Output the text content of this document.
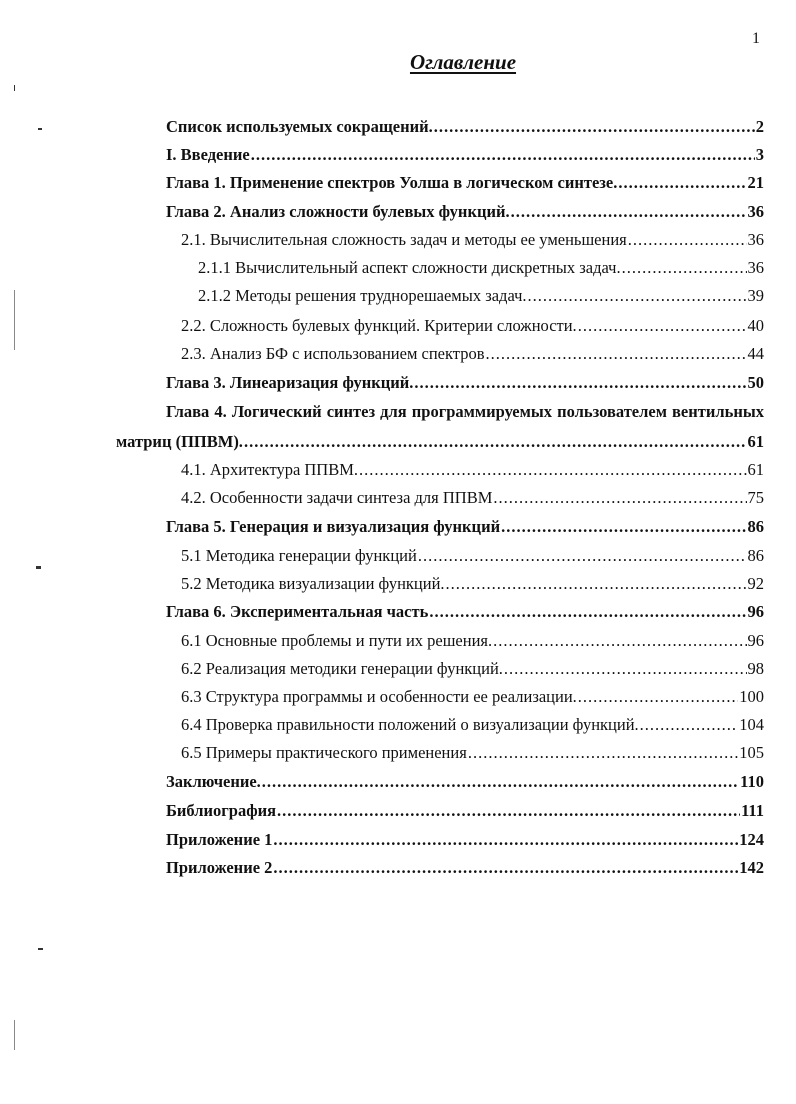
1
Оглавление
Список используемых сокращений. .....	2
I. Введение .....	3
Глава 1. Применение спектров Уолша в логическом синтезе. .....	21
Глава 2. Анализ сложности булевых функций. .....	36
2.1. Вычислительная сложность задач и методы ее уменьшения .....	36
2.1.1 Вычислительный аспект сложности дискретных задач. .....	36
2.1.2 Методы решения труднорешаемых задач. .....	39
2.2. Сложность булевых функций. Критерии сложности. .....	40
2.3. Анализ БФ с использованием спектров .....	44
Глава 3. Линеаризация функций. .....	50
Глава 4. Логический синтез для программируемых пользователем вентильных
матриц (ППВМ). .....	61
4.1. Архитектура ППВМ. .....	61
4.2. Особенности задачи синтеза для ППВМ .....	75
Глава 5. Генерация и визуализация функций .....	86
5.1 Методика генерации функций .....	86
5.2 Методика визуализации функций. .....	92
Глава 6. Экспериментальная часть .....	96
6.1 Основные проблемы и пути их решения. .....	96
6.2 Реализация методики генерации функций. .....	98
6.3 Структура программы и особенности ее реализации. .....	100
6.4 Проверка правильности положений о визуализации функций. .....	104
6.5 Примеры практического применения .....	105
Заключение. .....	110
Библиография .....	111
Приложение 1 .....	124
Приложение 2 .....	142
